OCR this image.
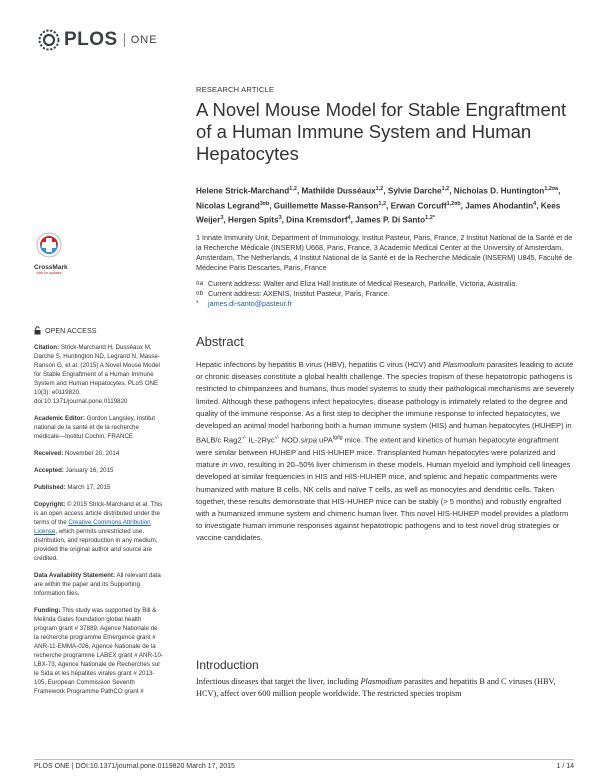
PLOS ONE
RESEARCH ARTICLE
A Novel Mouse Model for Stable Engraftment of a Human Immune System and Human Hepatocytes
Helene Strick-Marchand$^{1,2}$, Mathilde Dusséaux$^{1,2}$, Sylvie Darche$^{1,2}$, Nicholas D. Huntington$^{1,2¤a}$, Nicolas Legrand$^{3¤b}$, Guillemette Masse-Ranson$^{1,2}$, Erwan Corcuff$^{1,2¤b}$, James Ahodantin$^4$, Kees Weijer$^3$, Hergen Spits$^3$, Dina Kremsdorf$^4$, James P. Di Santo$^{1,2*}$
1 Innate Immunity Unit, Department of Immunology, Institut Pasteur, Paris, France, 2 Institut National de la Santé et de la Recherche Médicale (INSERM) U668, Paris, France, 3 Academic Medical Center at the University of Amsterdam, Amsterdam, The Netherlands, 4 Institut National de la Santé et de la Recherche Médicale (INSERM) U845, Faculté de Médecine Paris Descartes, Paris, France
¤a Current address: Walter and Eliza Hall Institute of Medical Research, Parkville, Victoria, Australia.
¤b Current address: AXENIS, Institut Pasteur, Paris, France.
*	james.di-santo@pasteur.fr
CrossMark
click for updates
OPEN ACCESS
Citation: Strick-Marchand H, Dusséaux M, Darche S, Huntington ND, Legrand N, Masse-Ranson G, et al. (2015) A Novel Mouse Model for Stable Engraftment of a Human Immune System and Human Hepatocytes. PLoS ONE 10(3): e0119820. doi:10.1371/journal.pone.0119820
Academic Editor: Gordon Langsley, Institut national de la santé et de la recherche médicale—Institut Cochin, FRANCE
Received: November 20, 2014
Accepted: January 16, 2015
Published: March 17, 2015
Copyright: © 2015 Strick-Marchand et al. This is an open access article distributed under the terms of the Creative Commons Attribution License, which permits unrestricted use, distribution, and reproduction in any medium, provided the original author and source are credited.
Data Availability Statement: All relevant data are within the paper and its Supporting Information files.
Funding: This study was supported by Bill & Melinda Gates foundation global health program grant # 37889, Agence Nationale de la recherche programme Emergence grant # ANR-11-EMMA-026, Agence Nationale de la recherche programme LABEX grant # ANR-10-LBX-73, Agence Nationale de Recherches sur le Sida et les hépatites virales grant # 2013-105, European Commission Seventh Framework Programme PathCO grant #
Abstract
Hepatic infections by hepatitis B virus (HBV), hepatitis C virus (HCV) and Plasmodium parasites leading to acute or chronic diseases constitute a global health challenge. The species tropism of these hepatotropic pathogens is restricted to chimpanzees and humans, thus model systems to study their pathological mechanisms are severely limited. Although these pathogens infect hepatocytes, disease pathology is intimately related to the degree and quality of the immune response. As a first step to decipher the immune response to infected hepatocytes, we developed an animal model harboring both a human immune system (HIS) and human hepatocytes (HUHEP) in BALB/c Rag2-/- IL-2Rγc-/- NOD.sirpa uPA$^{tg/tg}$ mice. The extent and kinetics of human hepatocyte engraftment were similar between HUHEP and HIS-HUHEP mice. Transplanted human hepatocytes were polarized and mature in vivo, resulting in 20–50% liver chimerism in these models. Human myeloid and lymphoid cell lineages developed at similar frequencies in HIS and HIS-HUHEP mice, and splenic and hepatic compartments were humanized with mature B cells, NK cells and naïve T cells, as well as monocytes and dendritic cells. Taken together, these results demonstrate that HIS-HUHEP mice can be stably (> 5 months) and robustly engrafted with a humanized immune system and chimeric human liver. This novel HIS-HUHEP model provides a platform to investigate human immune responses against hepatotropic pathogens and to test novel drug strategies or vaccine candidates.
Introduction
Infectious diseases that target the liver, including Plasmodium parasites and hepatitis B and C viruses (HBV, HCV), affect over 600 million people worldwide. The restricted species tropism
PLOS ONE | DOI:10.1371/journal.pone.0119820 March 17, 2015	1 / 14
